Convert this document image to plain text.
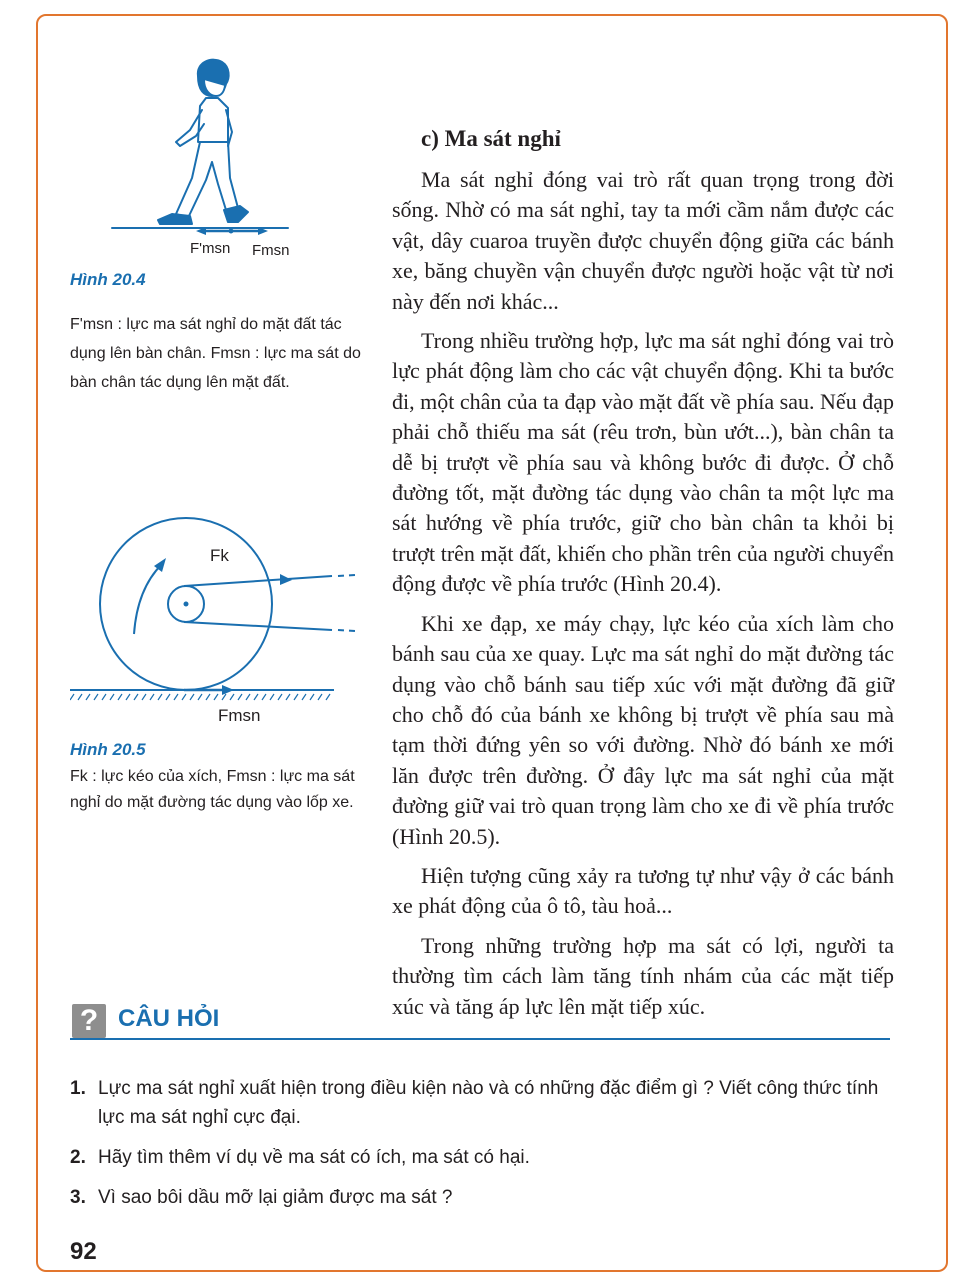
F'msn Fmsn
Hình 20.4
F'msn : lực ma sát nghỉ do mặt đất tác dụng lên bàn chân. Fmsn : lực ma sát do bàn chân tác dụng lên mặt đất.
Fk
Fmsn
Hình 20.5
Fk : lực kéo của xích, Fmsn : lực ma sát nghỉ do mặt đường tác dụng vào lốp xe.
c) Ma sát nghỉ

Ma sát nghỉ đóng vai trò rất quan trọng trong đời sống. Nhờ có ma sát nghỉ, tay ta mới cầm nắm được các vật, dây cuaroa truyền được chuyển động giữa các bánh xe, băng chuyền vận chuyển được người hoặc vật từ nơi này đến nơi khác...

Trong nhiều trường hợp, lực ma sát nghỉ đóng vai trò lực phát động làm cho các vật chuyển động. Khi ta bước đi, một chân của ta đạp vào mặt đất về phía sau. Nếu đạp phải chỗ thiếu ma sát (rêu trơn, bùn ướt...), bàn chân ta dễ bị trượt về phía sau và không bước đi được. Ở chỗ đường tốt, mặt đường tác dụng vào chân ta một lực ma sát hướng về phía trước, giữ cho bàn chân ta khỏi bị trượt trên mặt đất, khiến cho phần trên của người chuyển động được về phía trước (Hình 20.4).

Khi xe đạp, xe máy chạy, lực kéo của xích làm cho bánh sau của xe quay. Lực ma sát nghỉ do mặt đường tác dụng vào chỗ bánh sau tiếp xúc với mặt đường đã giữ cho chỗ đó của bánh xe không bị trượt về phía sau mà tạm thời đứng yên so với đường. Nhờ đó bánh xe mới lăn được trên đường. Ở đây lực ma sát nghỉ của mặt đường giữ vai trò quan trọng làm cho xe đi về phía trước (Hình 20.5).

Hiện tượng cũng xảy ra tương tự như vậy ở các bánh xe phát động của ô tô, tàu hoả...

Trong những trường hợp ma sát có lợi, người ta thường tìm cách làm tăng tính nhám của các mặt tiếp xúc và tăng áp lực lên mặt tiếp xúc.

? CÂU HỎI
1. Lực ma sát nghỉ xuất hiện trong điều kiện nào và có những đặc điểm gì ? Viết công thức tính lực ma sát nghỉ cực đại.
2. Hãy tìm thêm ví dụ về ma sát có ích, ma sát có hại.
3. Vì sao bôi dầu mỡ lại giảm được ma sát ?
92
